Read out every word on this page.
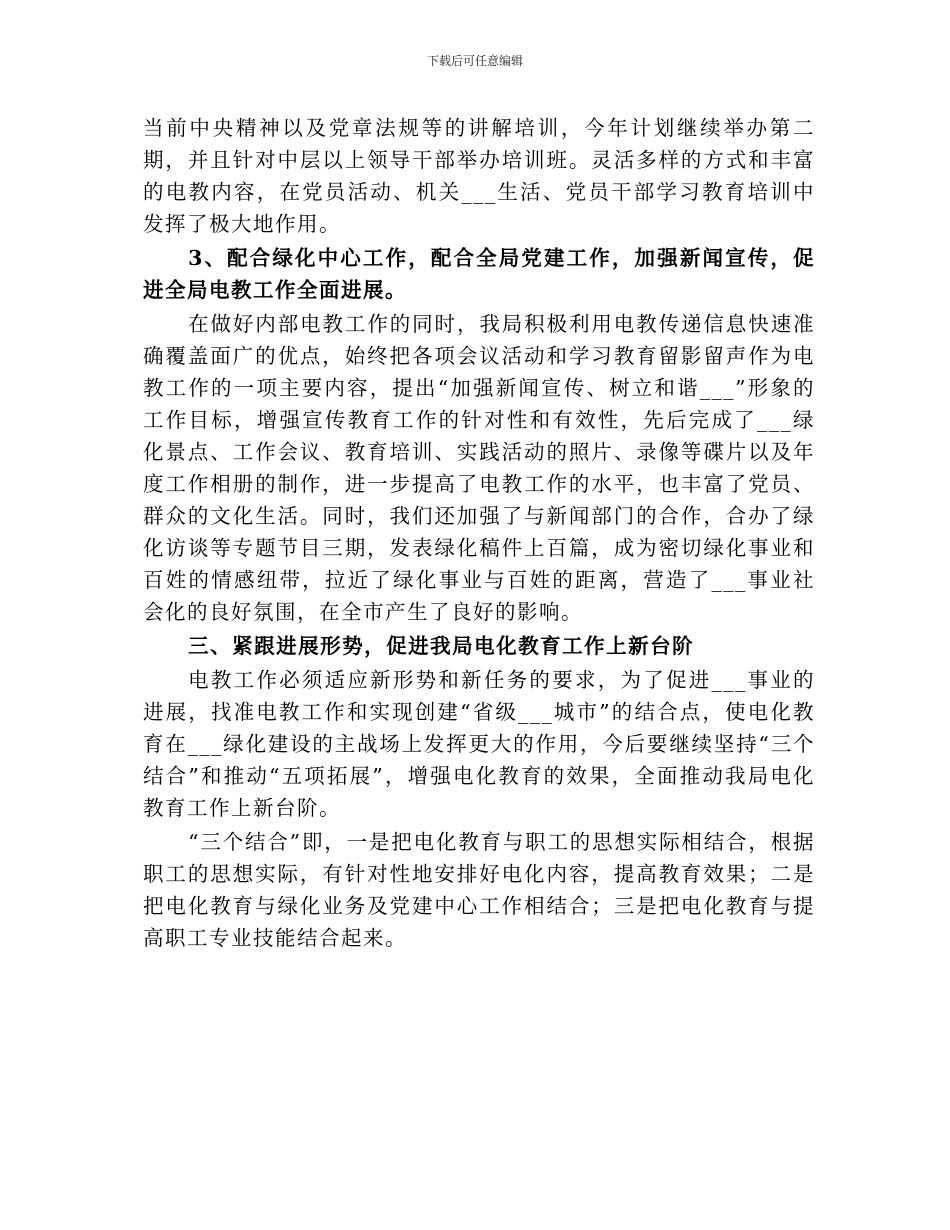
下载后可任意编辑

当前中央精神以及党章法规等的讲解培训，今年计划继续举办第二期，并且针对中层以上领导干部举办培训班。灵活多样的方式和丰富的电教内容，在党员活动、机关___生活、党员干部学习教育培训中发挥了极大地作用。

3、配合绿化中心工作，配合全局党建工作，加强新闻宣传，促进全局电教工作全面进展。

在做好内部电教工作的同时，我局积极利用电教传递信息快速准确覆盖面广的优点，始终把各项会议活动和学习教育留影留声作为电教工作的一项主要内容，提出“加强新闻宣传、树立和谐___”形象的工作目标，增强宣传教育工作的针对性和有效性，先后完成了___绿化景点、工作会议、教育培训、实践活动的照片、录像等碟片以及年度工作相册的制作，进一步提高了电教工作的水平，也丰富了党员、群众的文化生活。同时，我们还加强了与新闻部门的合作，合办了绿化访谈等专题节目三期，发表绿化稿件上百篇，成为密切绿化事业和百姓的情感纽带，拉近了绿化事业与百姓的距离，营造了___事业社会化的良好氛围，在全市产生了良好的影响。

三、紧跟进展形势，促进我局电化教育工作上新台阶

电教工作必须适应新形势和新任务的要求，为了促进___事业的进展，找准电教工作和实现创建“省级___城市”的结合点，使电化教育在___绿化建设的主战场上发挥更大的作用，今后要继续坚持“三个结合”和推动“五项拓展”，增强电化教育的效果，全面推动我局电化教育工作上新台阶。

“三个结合”即，一是把电化教育与职工的思想实际相结合，根据职工的思想实际，有针对性地安排好电化内容，提高教育效果；二是把电化教育与绿化业务及党建中心工作相结合；三是把电化教育与提高职工专业技能结合起来。
